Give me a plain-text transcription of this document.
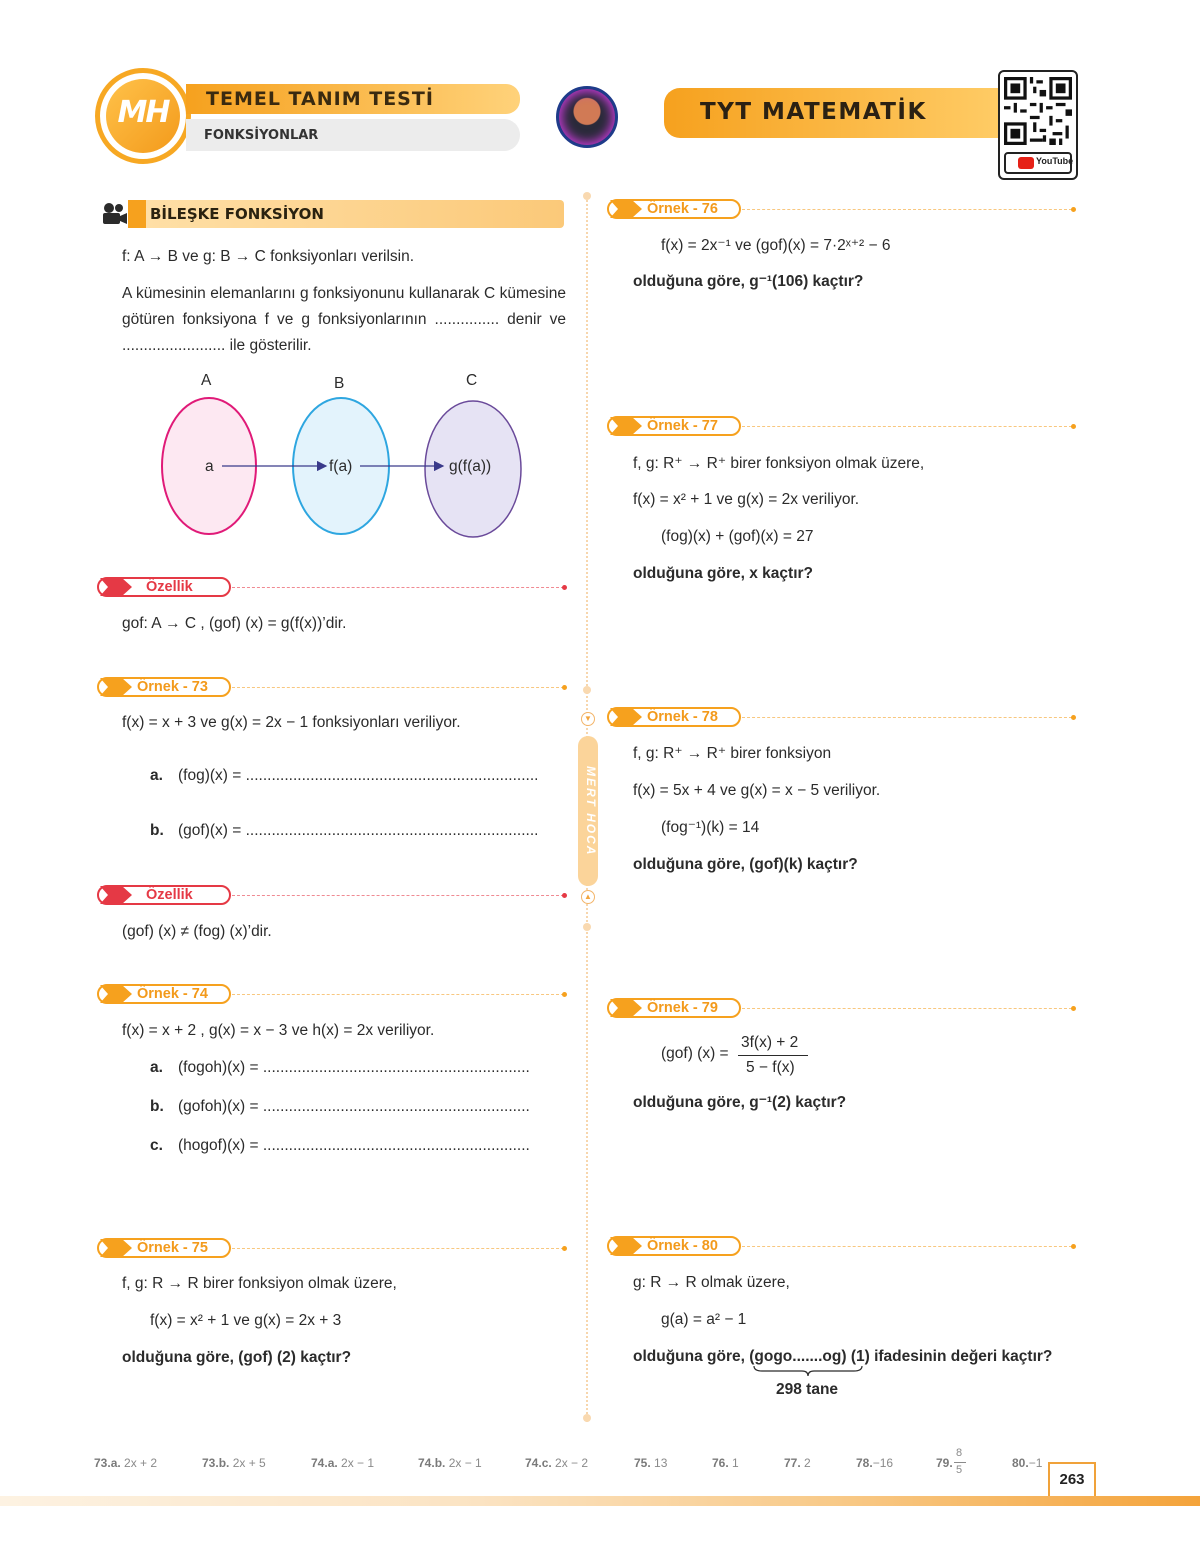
MH	TEMEL TANIM TESTİ
FONKSİYONLAR
TYT MATEMATİK
YouTube
▼
MERT HOCA
▲
BİLEŞKE FONKSİYON
f: A → B ve g: B → C fonksiyonları verilsin.
A kümesinin elemanlarını g fonksiyonunu kullanarak C kümesine götüren fonksiyona f ve g fonksiyonlarının ............... denir ve ........................ ile gösterilir.
A	B	C
a	f(a)	g(f(a))
Özellik
gof: A → C , (gof) (x) = g(f(x))’dir.
Örnek - 73
f(x) = x + 3 ve g(x) = 2x − 1 fonksiyonları veriliyor.
a. (fog)(x) = ....................................................................
b. (gof)(x) = ....................................................................
Özellik
(gof) (x) ≠ (fog) (x)’dir.
Örnek - 74
f(x) = x + 2 , g(x) = x − 3 ve h(x) = 2x veriliyor.
a. (fogoh)(x) = ..............................................................
b. (gofoh)(x) = ..............................................................
c. (hogof)(x) = ..............................................................
Örnek - 75
f, g: R → R birer fonksiyon olmak üzere,
f(x) = x² + 1 ve g(x) = 2x + 3
olduğuna göre, (gof) (2) kaçtır?
Örnek - 76
f(x) = 2x⁻¹ ve (gof)(x) = 7·2ˣ⁺² − 6
olduğuna göre, g⁻¹(106) kaçtır?
Örnek - 77
f, g: R⁺ → R⁺ birer fonksiyon olmak üzere,
f(x) = x² + 1 ve g(x) = 2x veriliyor.
(fog)(x) + (gof)(x) = 27
olduğuna göre, x kaçtır?
Örnek - 78
f, g: R⁺ → R⁺ birer fonksiyon
f(x) = 5x + 4 ve g(x) = x − 5 veriliyor.
(fog⁻¹)(k) = 14
olduğuna göre, (gof)(k) kaçtır?
Örnek - 79
(gof) (x) =
3f(x) + 2
5 − f(x)
olduğuna göre, g⁻¹(2) kaçtır?
Örnek - 80
g: R → R olmak üzere,
g(a) = a² − 1
olduğuna göre, (gogo.......og) (1) ifadesinin değeri kaçtır?
298 tane
73.a. 2x + 2	73.b. 2x + 5	74.a. 2x − 1	74.b. 2x − 1	74.c. 2x − 2	75. 13	76. 1	77. 2	78.−16	79.
8
5	80.−1
263
